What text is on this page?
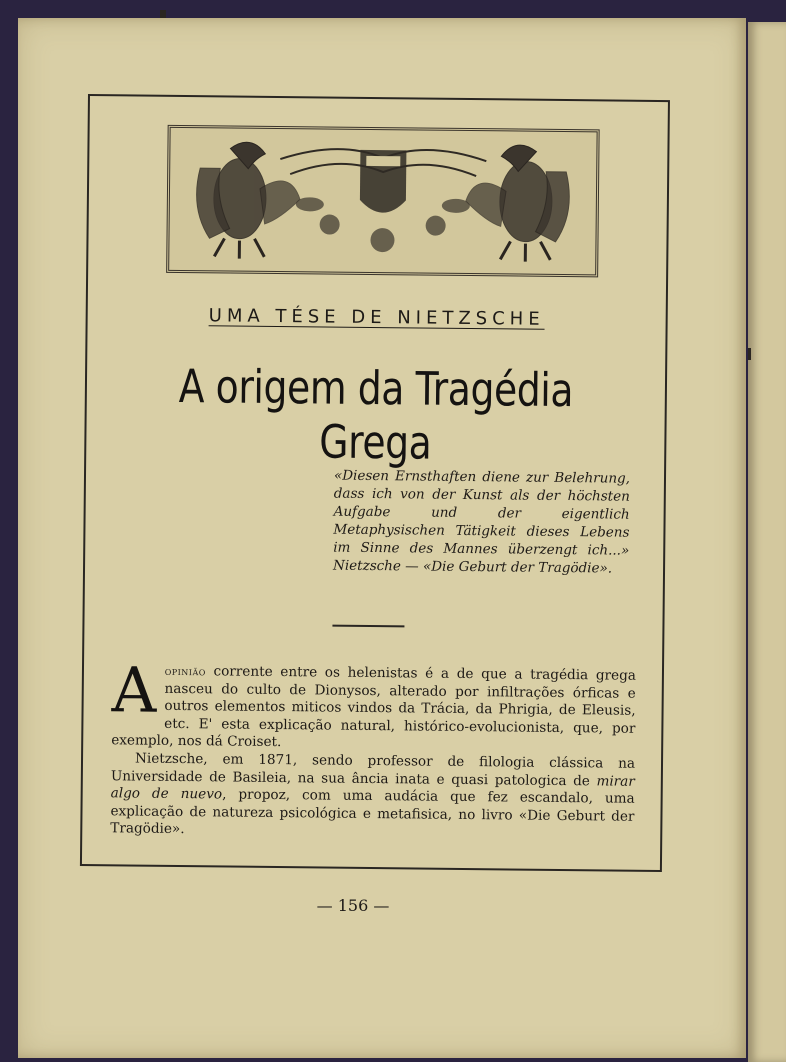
UMA TÉSE DE NIETZSCHE
A origem da Tragédia Grega
«Diesen Ernsthaften diene zur Belehrung, dass ich von der Kunst als der höchsten Aufgabe und der eigentlich Metaphysischen Tätigkeit dieses Lebens im Sinne des Mannes überzengt ich...» Nietzsche — «Die Geburt der Tragödie».

Aopinião corrente entre os helenistas é a de que a tragédia grega nasceu do culto de Dionysos, alterado por infiltrações órficas e outros elementos miticos vindos da Trácia, da Phrigia, de Eleusis, etc. E' esta explicação natural, histórico-evolucionista, que, por exemplo, nos dá Croiset.

Nietzsche, em 1871, sendo professor de filologia clássica na Universidade de Basileia, na sua ância inata e quasi patologica de mirar algo de nuevo, propoz, com uma audácia que fez escandalo, uma explicação de natureza psicológica e metafisica, no livro «Die Geburt der Tragödie».

— 156 —
